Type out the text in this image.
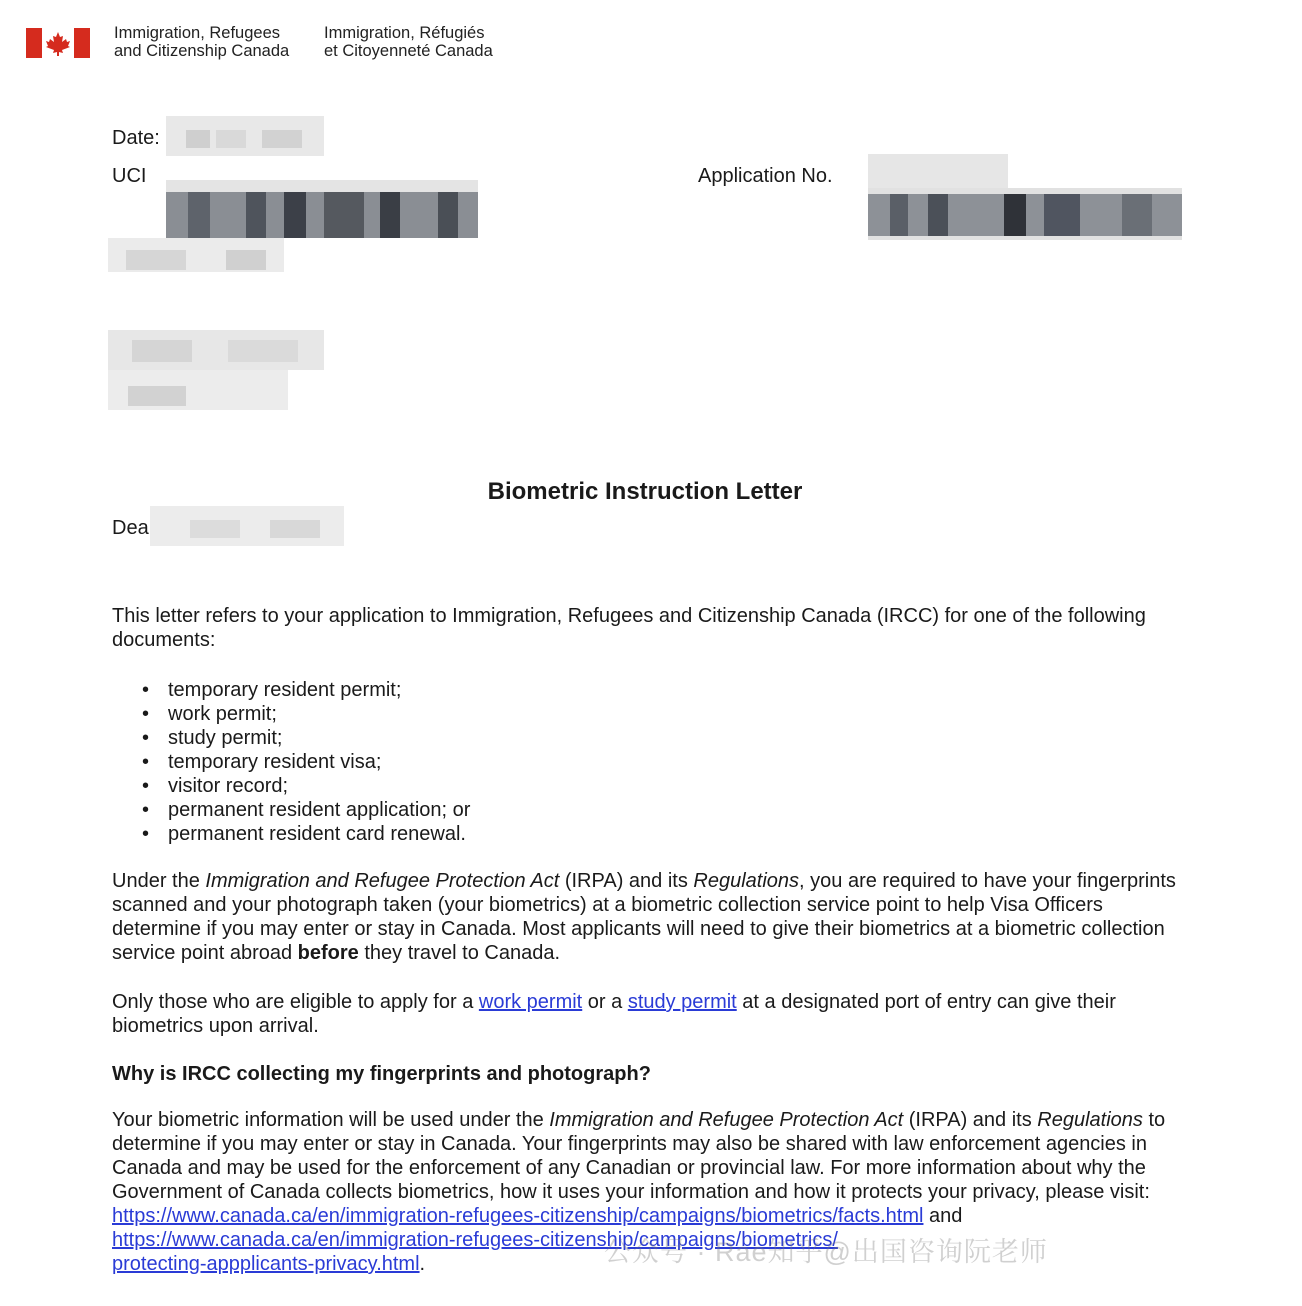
Immigration, Refugees
and Citizenship Canada
Immigration, Réfugiés
et Citoyenneté Canada
Date:
UCI	Application No.
Biometric Instruction Letter
Dea
This letter refers to your application to Immigration, Refugees and Citizenship Canada (IRCC) for one of the following documents:
• temporary resident permit;
• work permit;
• study permit;
• temporary resident visa;
• visitor record;
• permanent resident application; or
• permanent resident card renewal.
Under the Immigration and Refugee Protection Act (IRPA) and its Regulations, you are required to have your fingerprints scanned and your photograph taken (your biometrics) at a biometric collection service point to help Visa Officers determine if you may enter or stay in Canada. Most applicants will need to give their biometrics at a biometric collection service point abroad before they travel to Canada.
Only those who are eligible to apply for a work permit or a study permit at a designated port of entry can give their biometrics upon arrival.
Why is IRCC collecting my fingerprints and photograph?
Your biometric information will be used under the Immigration and Refugee Protection Act (IRPA) and its Regulations to determine if you may enter or stay in Canada. Your fingerprints may also be shared with law enforcement agencies in Canada and may be used for the enforcement of any Canadian or provincial law. For more information about why the Government of Canada collects biometrics, how it uses your information and how it protects your privacy, please visit:
https://www.canada.ca/en/immigration-refugees-citizenship/campaigns/biometrics/facts.html and
https://www.canada.ca/en/immigration-refugees-citizenship/campaigns/biometrics/
protecting-appplicants-privacy.html.	公众号 · Rae知乎@出国咨询阮老师
